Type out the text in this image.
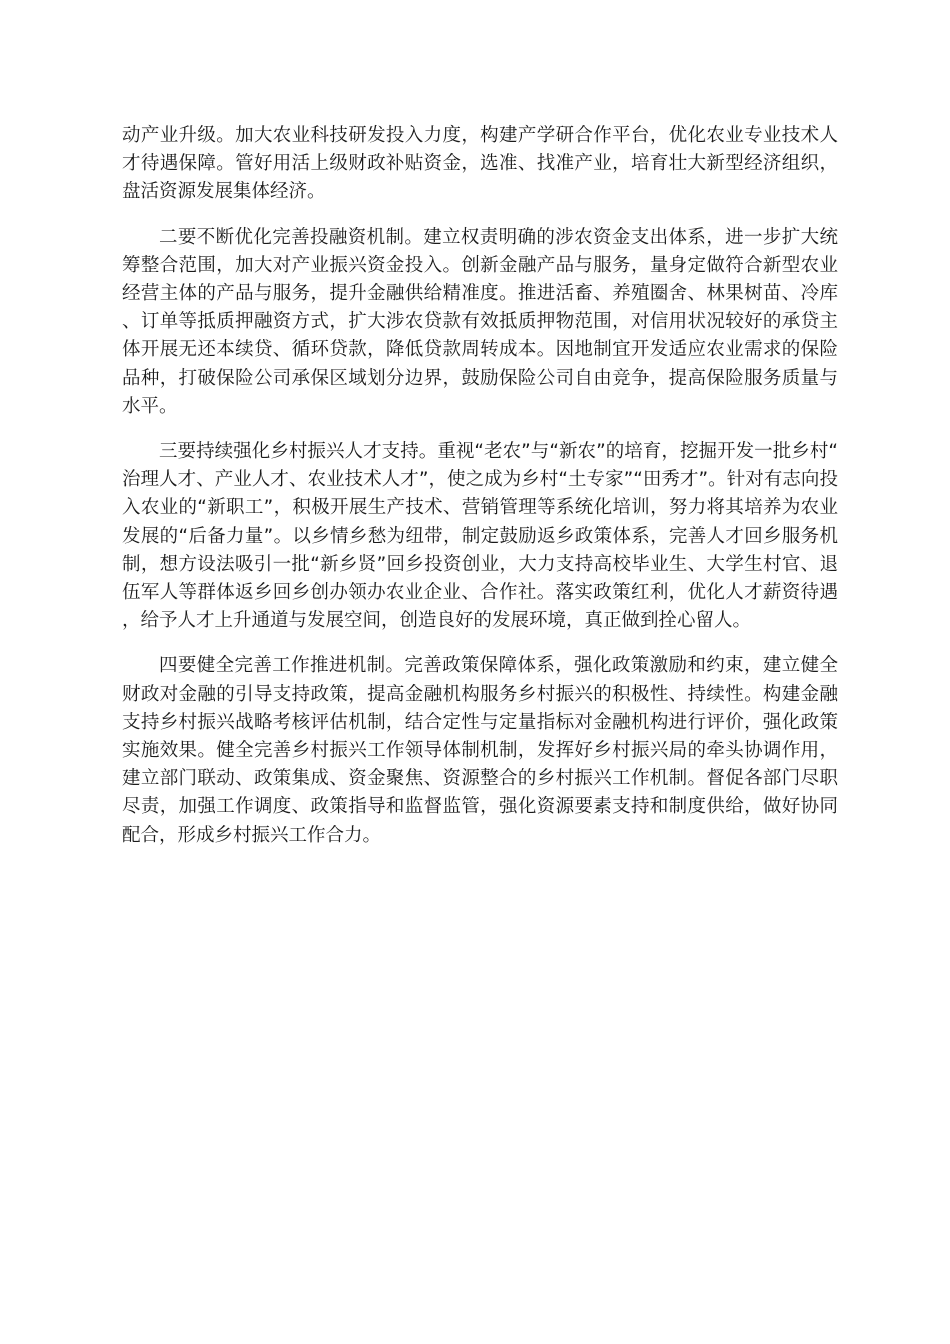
动产业升级。加大农业科技研发投入力度，构建产学研合作平台，优化农业专业技术人才待遇保障。管好用活上级财政补贴资金，选准、找准产业，培育壮大新型经济组织，盘活资源发展集体经济。

二要不断优化完善投融资机制。建立权责明确的涉农资金支出体系，进一步扩大统筹整合范围，加大对产业振兴资金投入。创新金融产品与服务，量身定做符合新型农业经营主体的产品与服务，提升金融供给精准度。推进活畜、养殖圈舍、林果树苗、冷库、订单等抵质押融资方式，扩大涉农贷款有效抵质押物范围，对信用状况较好的承贷主体开展无还本续贷、循环贷款，降低贷款周转成本。因地制宜开发适应农业需求的保险品种，打破保险公司承保区域划分边界，鼓励保险公司自由竞争，提高保险服务质量与水平。

三要持续强化乡村振兴人才支持。重视“老农”与“新农”的培育，挖掘开发一批乡村“治理人才、产业人才、农业技术人才”，使之成为乡村“土专家”“田秀才”。针对有志向投入农业的“新职工”，积极开展生产技术、营销管理等系统化培训，努力将其培养为农业发展的“后备力量”。以乡情乡愁为纽带，制定鼓励返乡政策体系，完善人才回乡服务机制，想方设法吸引一批“新乡贤”回乡投资创业，大力支持高校毕业生、大学生村官、退伍军人等群体返乡回乡创办领办农业企业、合作社。落实政策红利，优化人才薪资待遇，给予人才上升通道与发展空间，创造良好的发展环境，真正做到拴心留人。

四要健全完善工作推进机制。完善政策保障体系，强化政策激励和约束，建立健全财政对金融的引导支持政策，提高金融机构服务乡村振兴的积极性、持续性。构建金融支持乡村振兴战略考核评估机制，结合定性与定量指标对金融机构进行评价，强化政策实施效果。健全完善乡村振兴工作领导体制机制，发挥好乡村振兴局的牵头协调作用，建立部门联动、政策集成、资金聚焦、资源整合的乡村振兴工作机制。督促各部门尽职尽责，加强工作调度、政策指导和监督监管，强化资源要素支持和制度供给，做好协同配合，形成乡村振兴工作合力。
